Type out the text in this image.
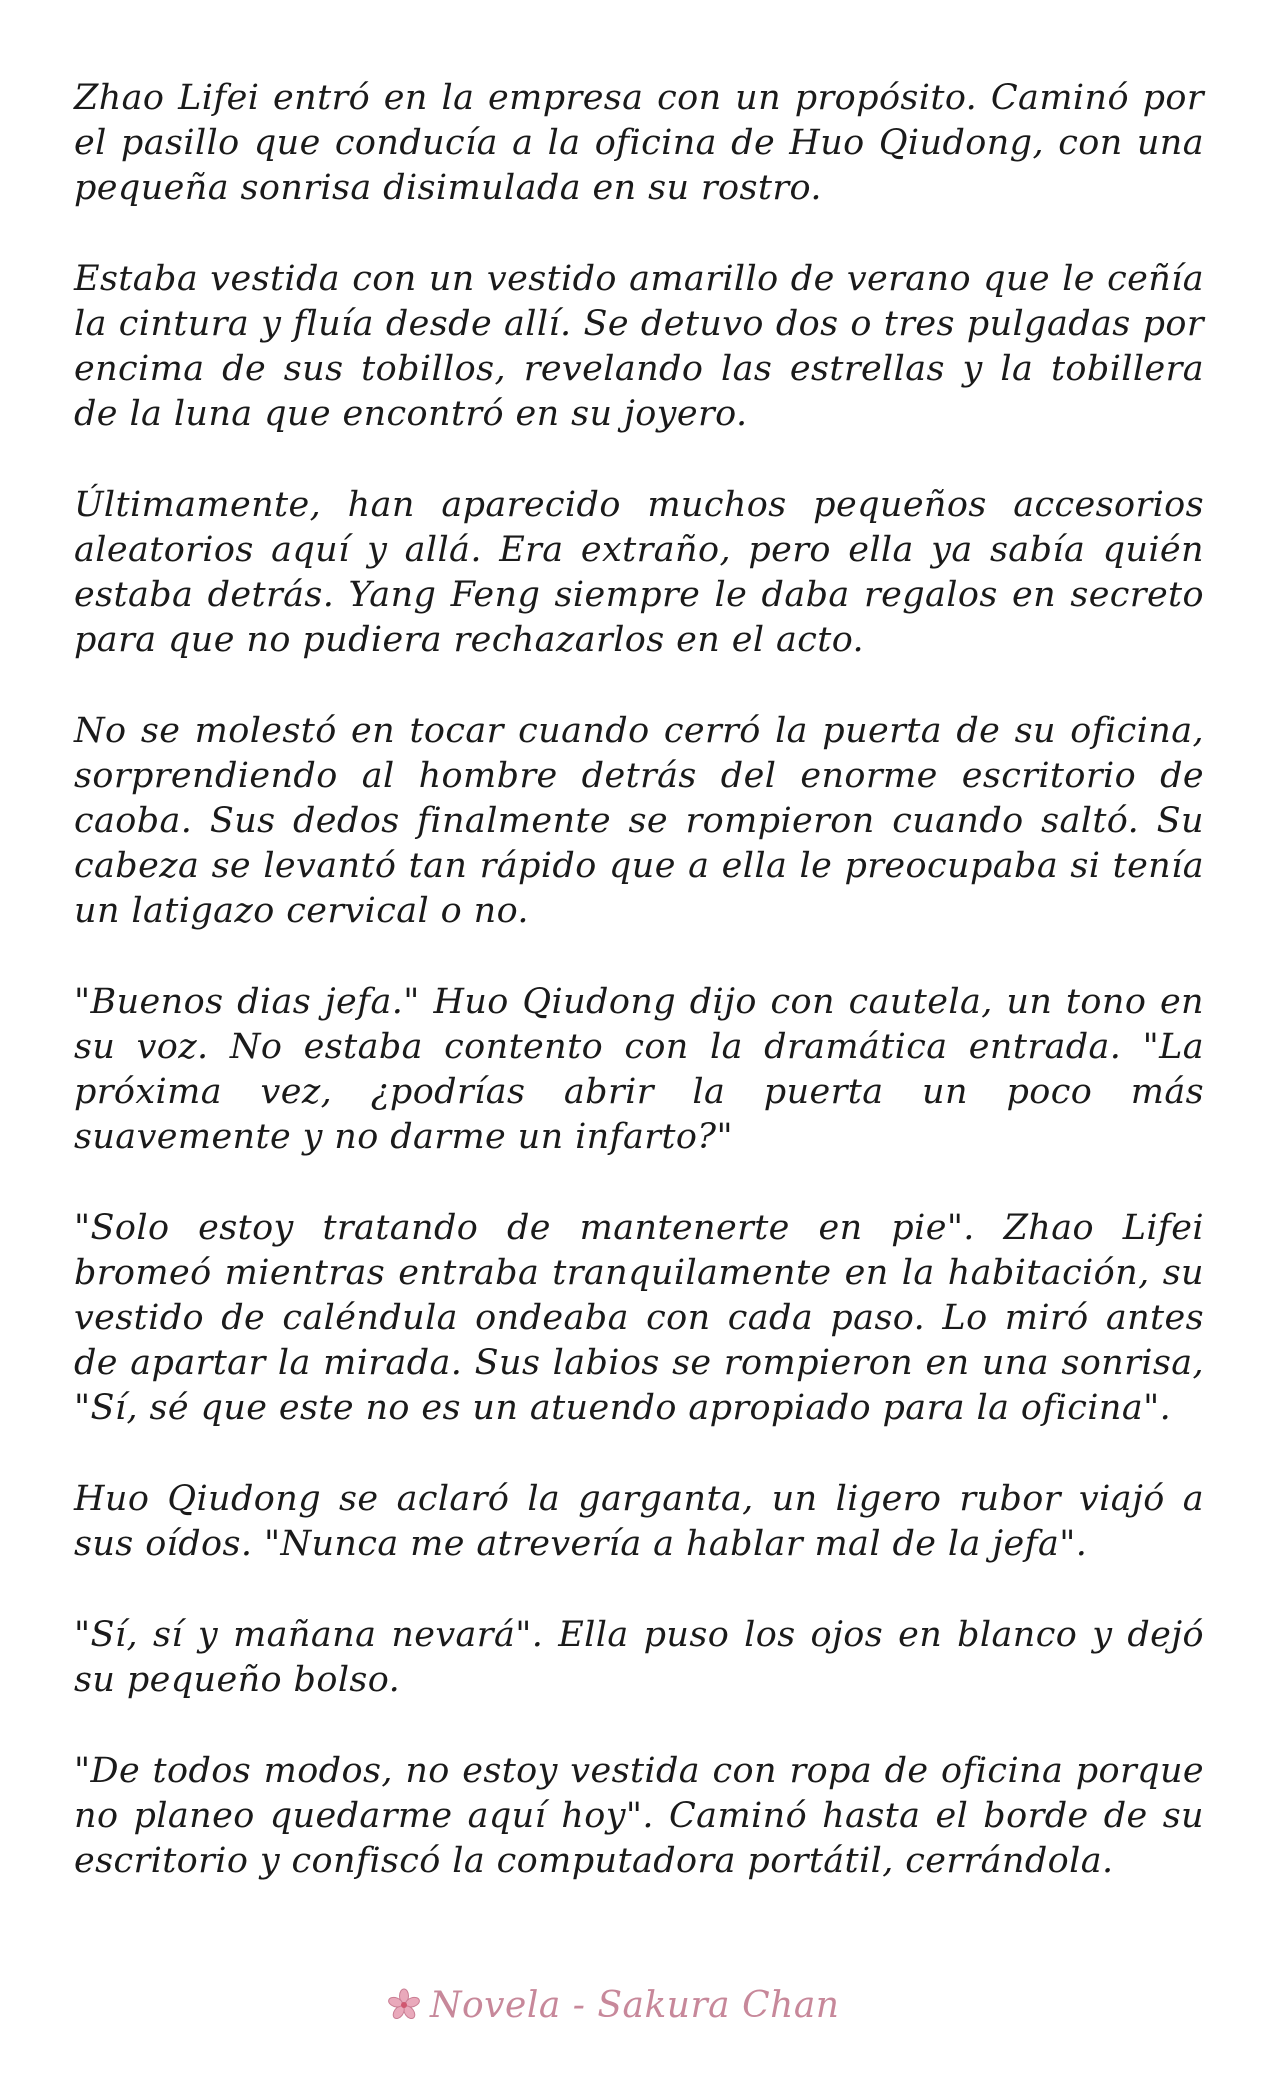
Zhao Lifei entró en la empresa con un propósito. Caminó por el pasillo que conducía a la oficina de Huo Qiudong, con una pequeña sonrisa disimulada en su rostro.

Estaba vestida con un vestido amarillo de verano que le ceñía la cintura y fluía desde allí. Se detuvo dos o tres pulgadas por encima de sus tobillos, revelando las estrellas y la tobillera de la luna que encontró en su joyero.

Últimamente, han aparecido muchos pequeños accesorios aleatorios aquí y allá. Era extraño, pero ella ya sabía quién estaba detrás. Yang Feng siempre le daba regalos en secreto para que no pudiera rechazarlos en el acto.

No se molestó en tocar cuando cerró la puerta de su oficina, sorprendiendo al hombre detrás del enorme escritorio de caoba. Sus dedos finalmente se rompieron cuando saltó. Su cabeza se levantó tan rápido que a ella le preocupaba si tenía un latigazo cervical o no.

"Buenos dias jefa." Huo Qiudong dijo con cautela, un tono en su voz. No estaba contento con la dramática entrada. "La próxima vez, ¿podrías abrir la puerta un poco más suavemente y no darme un infarto?"

"Solo estoy tratando de mantenerte en pie". Zhao Lifei bromeó mientras entraba tranquilamente en la habitación, su vestido de caléndula ondeaba con cada paso. Lo miró antes de apartar la mirada. Sus labios se rompieron en una sonrisa, "Sí, sé que este no es un atuendo apropiado para la oficina".

Huo Qiudong se aclaró la garganta, un ligero rubor viajó a sus oídos. "Nunca me atrevería a hablar mal de la jefa".

"Sí, sí y mañana nevará". Ella puso los ojos en blanco y dejó su pequeño bolso.

"De todos modos, no estoy vestida con ropa de oficina porque no planeo quedarme aquí hoy". Caminó hasta el borde de su escritorio y confiscó la computadora portátil, cerrándola.

Novela - Sakura Chan
